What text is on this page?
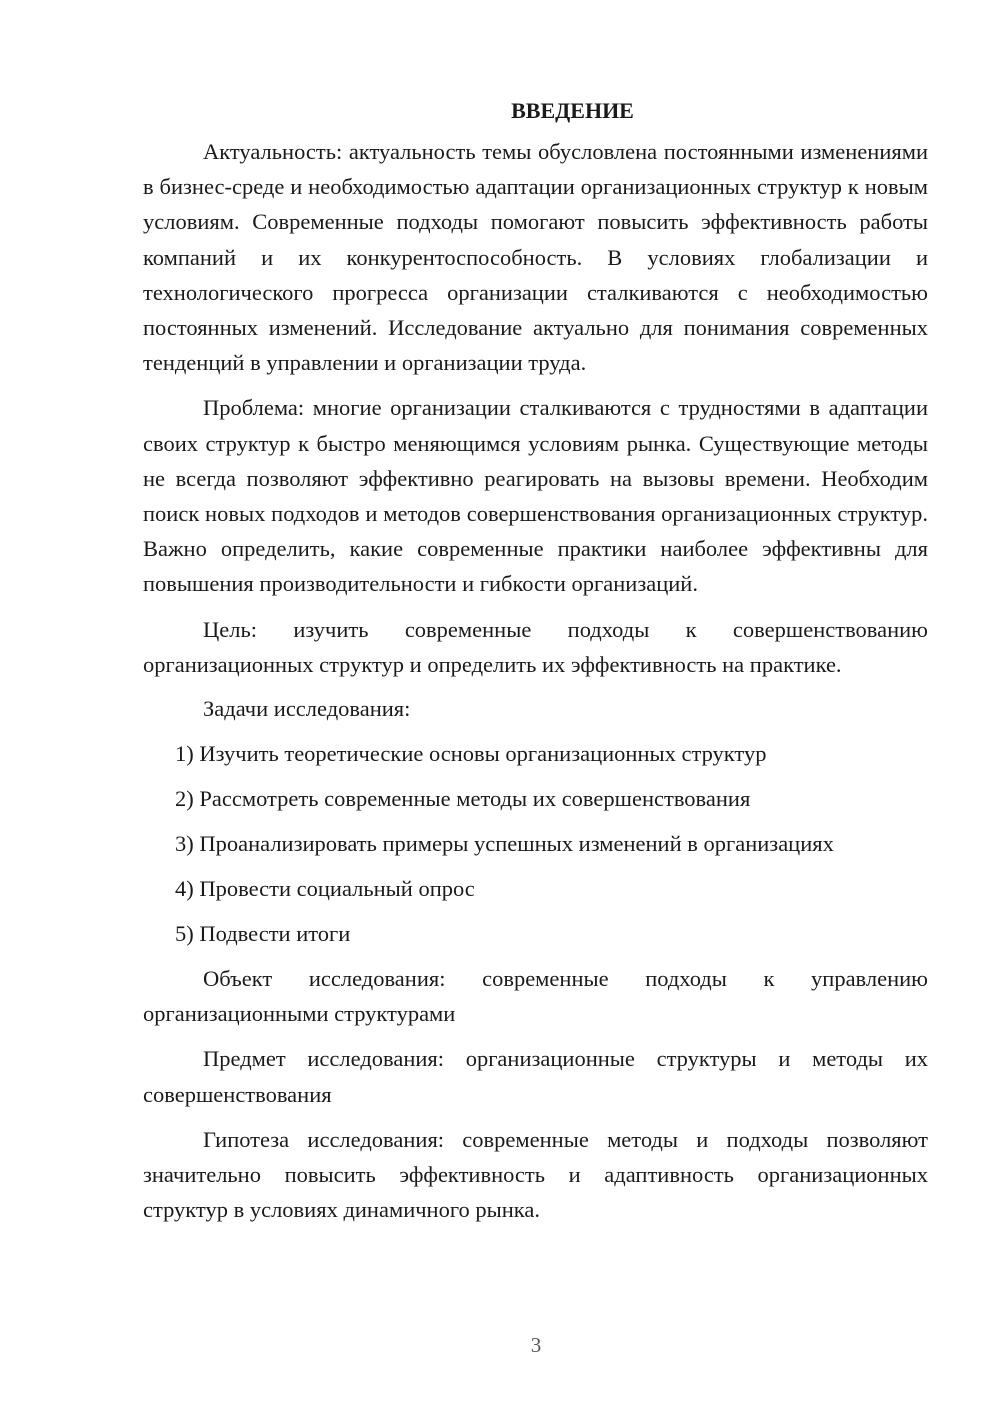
ВВЕДЕНИЕ

Актуальность: актуальность темы обусловлена постоянными изменениями в бизнес-среде и необходимостью адаптации организационных структур к новым условиям. Современные подходы помогают повысить эффективность работы компаний и их конкурентоспособность. В условиях глобализации и технологического прогресса организации сталкиваются с необходимостью постоянных изменений. Исследование актуально для понимания современных тенденций в управлении и организации труда.

Проблема: многие организации сталкиваются с трудностями в адаптации своих структур к быстро меняющимся условиям рынка. Существующие методы не всегда позволяют эффективно реагировать на вызовы времени. Необходим поиск новых подходов и методов совершенствования организационных структур. Важно определить, какие современные практики наиболее эффективны для повышения производительности и гибкости организаций.

Цель: изучить современные подходы к совершенствованию организационных структур и определить их эффективность на практике.

Задачи исследования:
1) Изучить теоретические основы организационных структур
2) Рассмотреть современные методы их совершенствования
3) Проанализировать примеры успешных изменений в организациях
4) Провести социальный опрос
5) Подвести итоги

Объект исследования: современные подходы к управлению организационными структурами

Предмет исследования: организационные структуры и методы их совершенствования

Гипотеза исследования: современные методы и подходы позволяют значительно повысить эффективность и адаптивность организационных структур в условиях динамичного рынка.

3
